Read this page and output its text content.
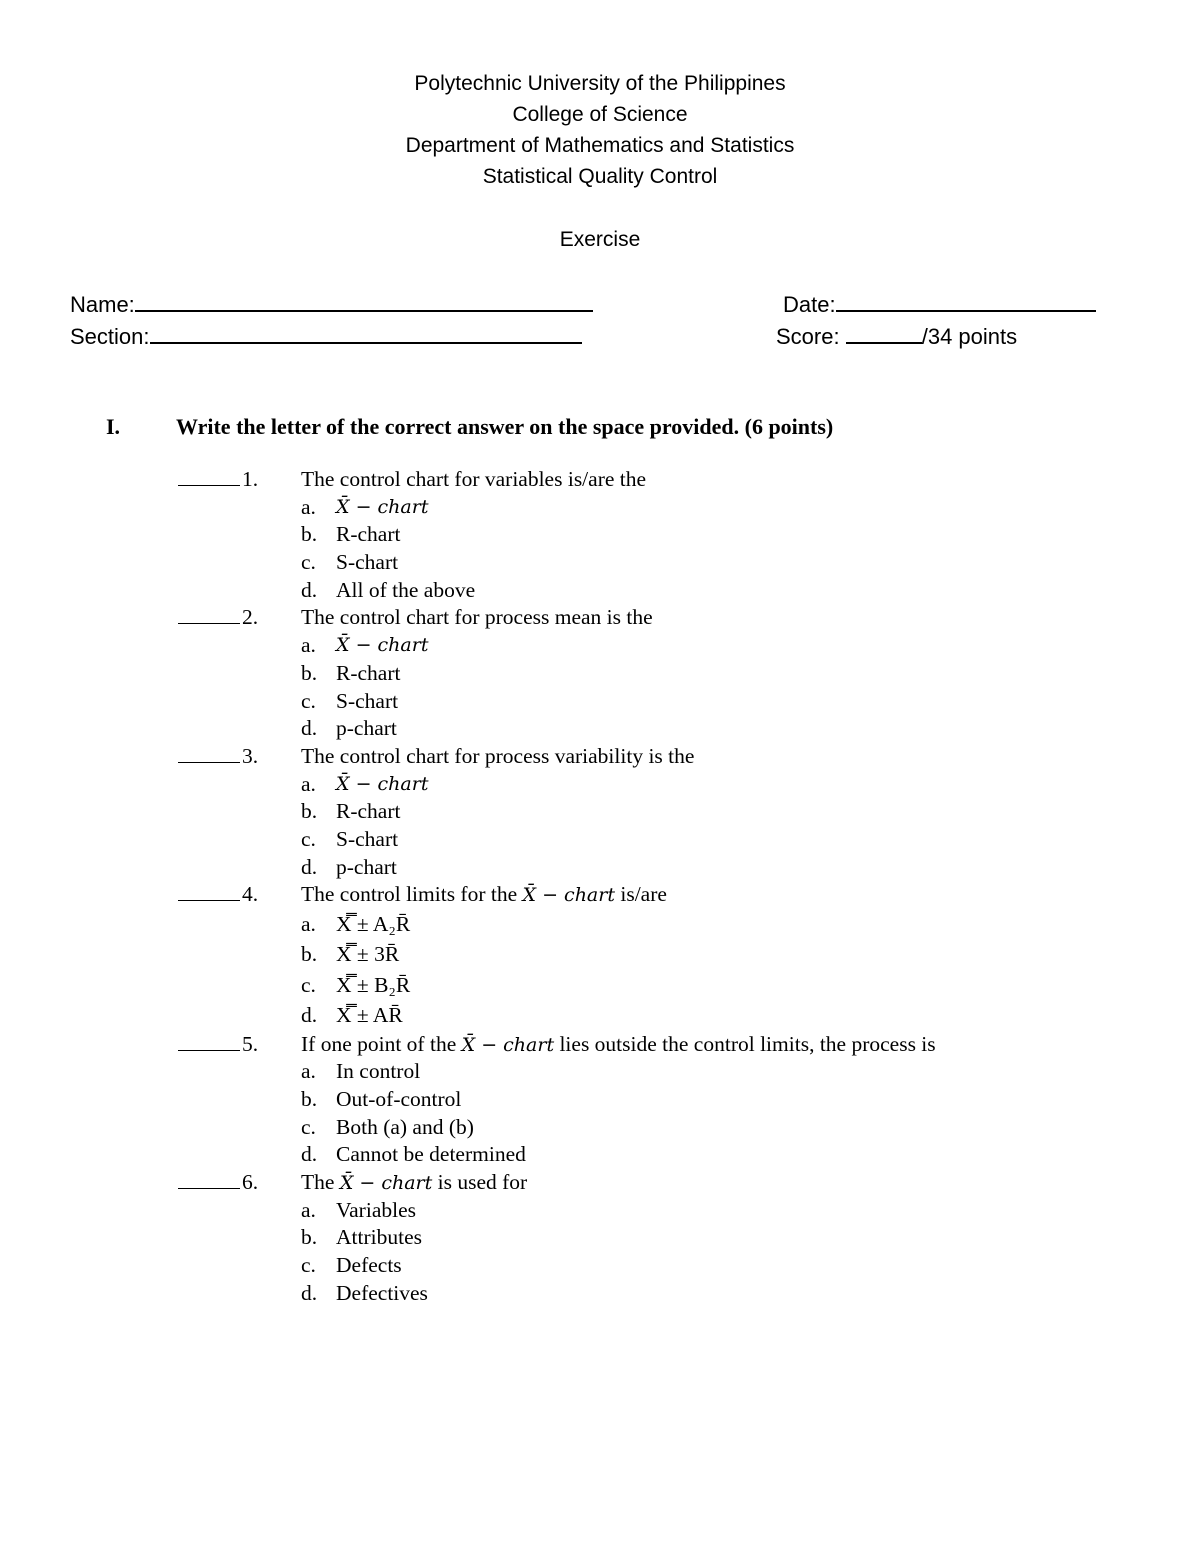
Polytechnic University of the Philippines
College of Science
Department of Mathematics and Statistics
Statistical Quality Control
Exercise
Name:
Section:
Date:
Score:	/34 points
I.	Write the letter of the correct answer on the space provided. (6 points)
1. The control chart for variables is/are the
a. X̄ − chart
b. R-chart
c. S-chart
d. All of the above
2. The control chart for process mean is the
a. X̄ − chart
b. R-chart
c. S-chart
d. p-chart
3. The control chart for process variability is the
a. X̄ − chart
b. R-chart
c. S-chart
d. p-chart
4. The control limits for the X̄ − chart is/are
a. X̿ ± A₂R̄
b. X̿ ± 3R̄
c. X̿ ± B₂R̄
d. X̿ ± AR̄
5. If one point of the X̄ − chart lies outside the control limits, the process is
a. In control
b. Out-of-control
c. Both (a) and (b)
d. Cannot be determined
6. The X̄ − chart is used for
a. Variables
b. Attributes
c. Defects
d. Defectives
